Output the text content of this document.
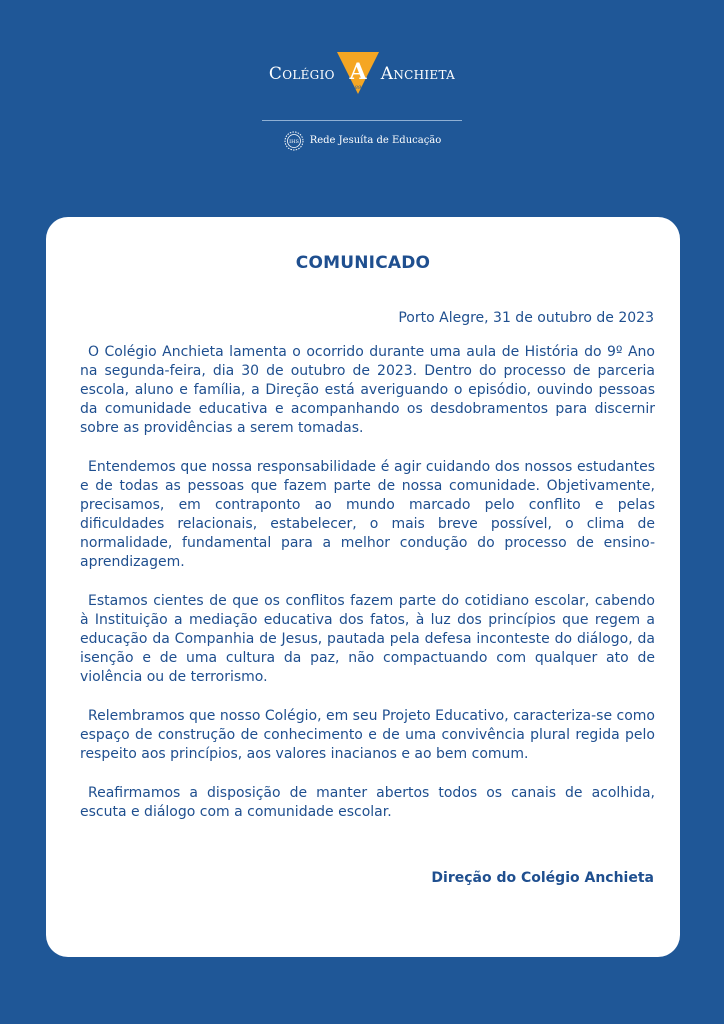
Colégio A
1890
Anchieta
IHS Rede Jesuíta de Educação
COMUNICADO
Porto Alegre, 31 de outubro de 2023

O Colégio Anchieta lamenta o ocorrido durante uma aula de História do 9º Ano na segunda-feira, dia 30 de outubro de 2023. Dentro do processo de parceria escola, aluno e família, a Direção está averiguando o episódio, ouvindo pessoas da comunidade educativa e acompanhando os desdobramentos para discernir sobre as providências a serem tomadas.

Entendemos que nossa responsabilidade é agir cuidando dos nossos estudantes e de todas as pessoas que fazem parte de nossa comunidade. Objetivamente, precisamos, em contraponto ao mundo marcado pelo conflito e pelas dificuldades relacionais, estabelecer, o mais breve possível, o clima de normalidade, fundamental para a melhor condução do processo de ensino-aprendizagem.

Estamos cientes de que os conflitos fazem parte do cotidiano escolar, cabendo à Instituição a mediação educativa dos fatos, à luz dos princípios que regem a educação da Companhia de Jesus, pautada pela defesa inconteste do diálogo, da isenção e de uma cultura da paz, não compactuando com qualquer ato de violência ou de terrorismo.

Relembramos que nosso Colégio, em seu Projeto Educativo, caracteriza-se como espaço de construção de conhecimento e de uma convivência plural regida pelo respeito aos princípios, aos valores inacianos e ao bem comum.

Reafirmamos a disposição de manter abertos todos os canais de acolhida, escuta e diálogo com a comunidade escolar.

Direção do Colégio Anchieta
